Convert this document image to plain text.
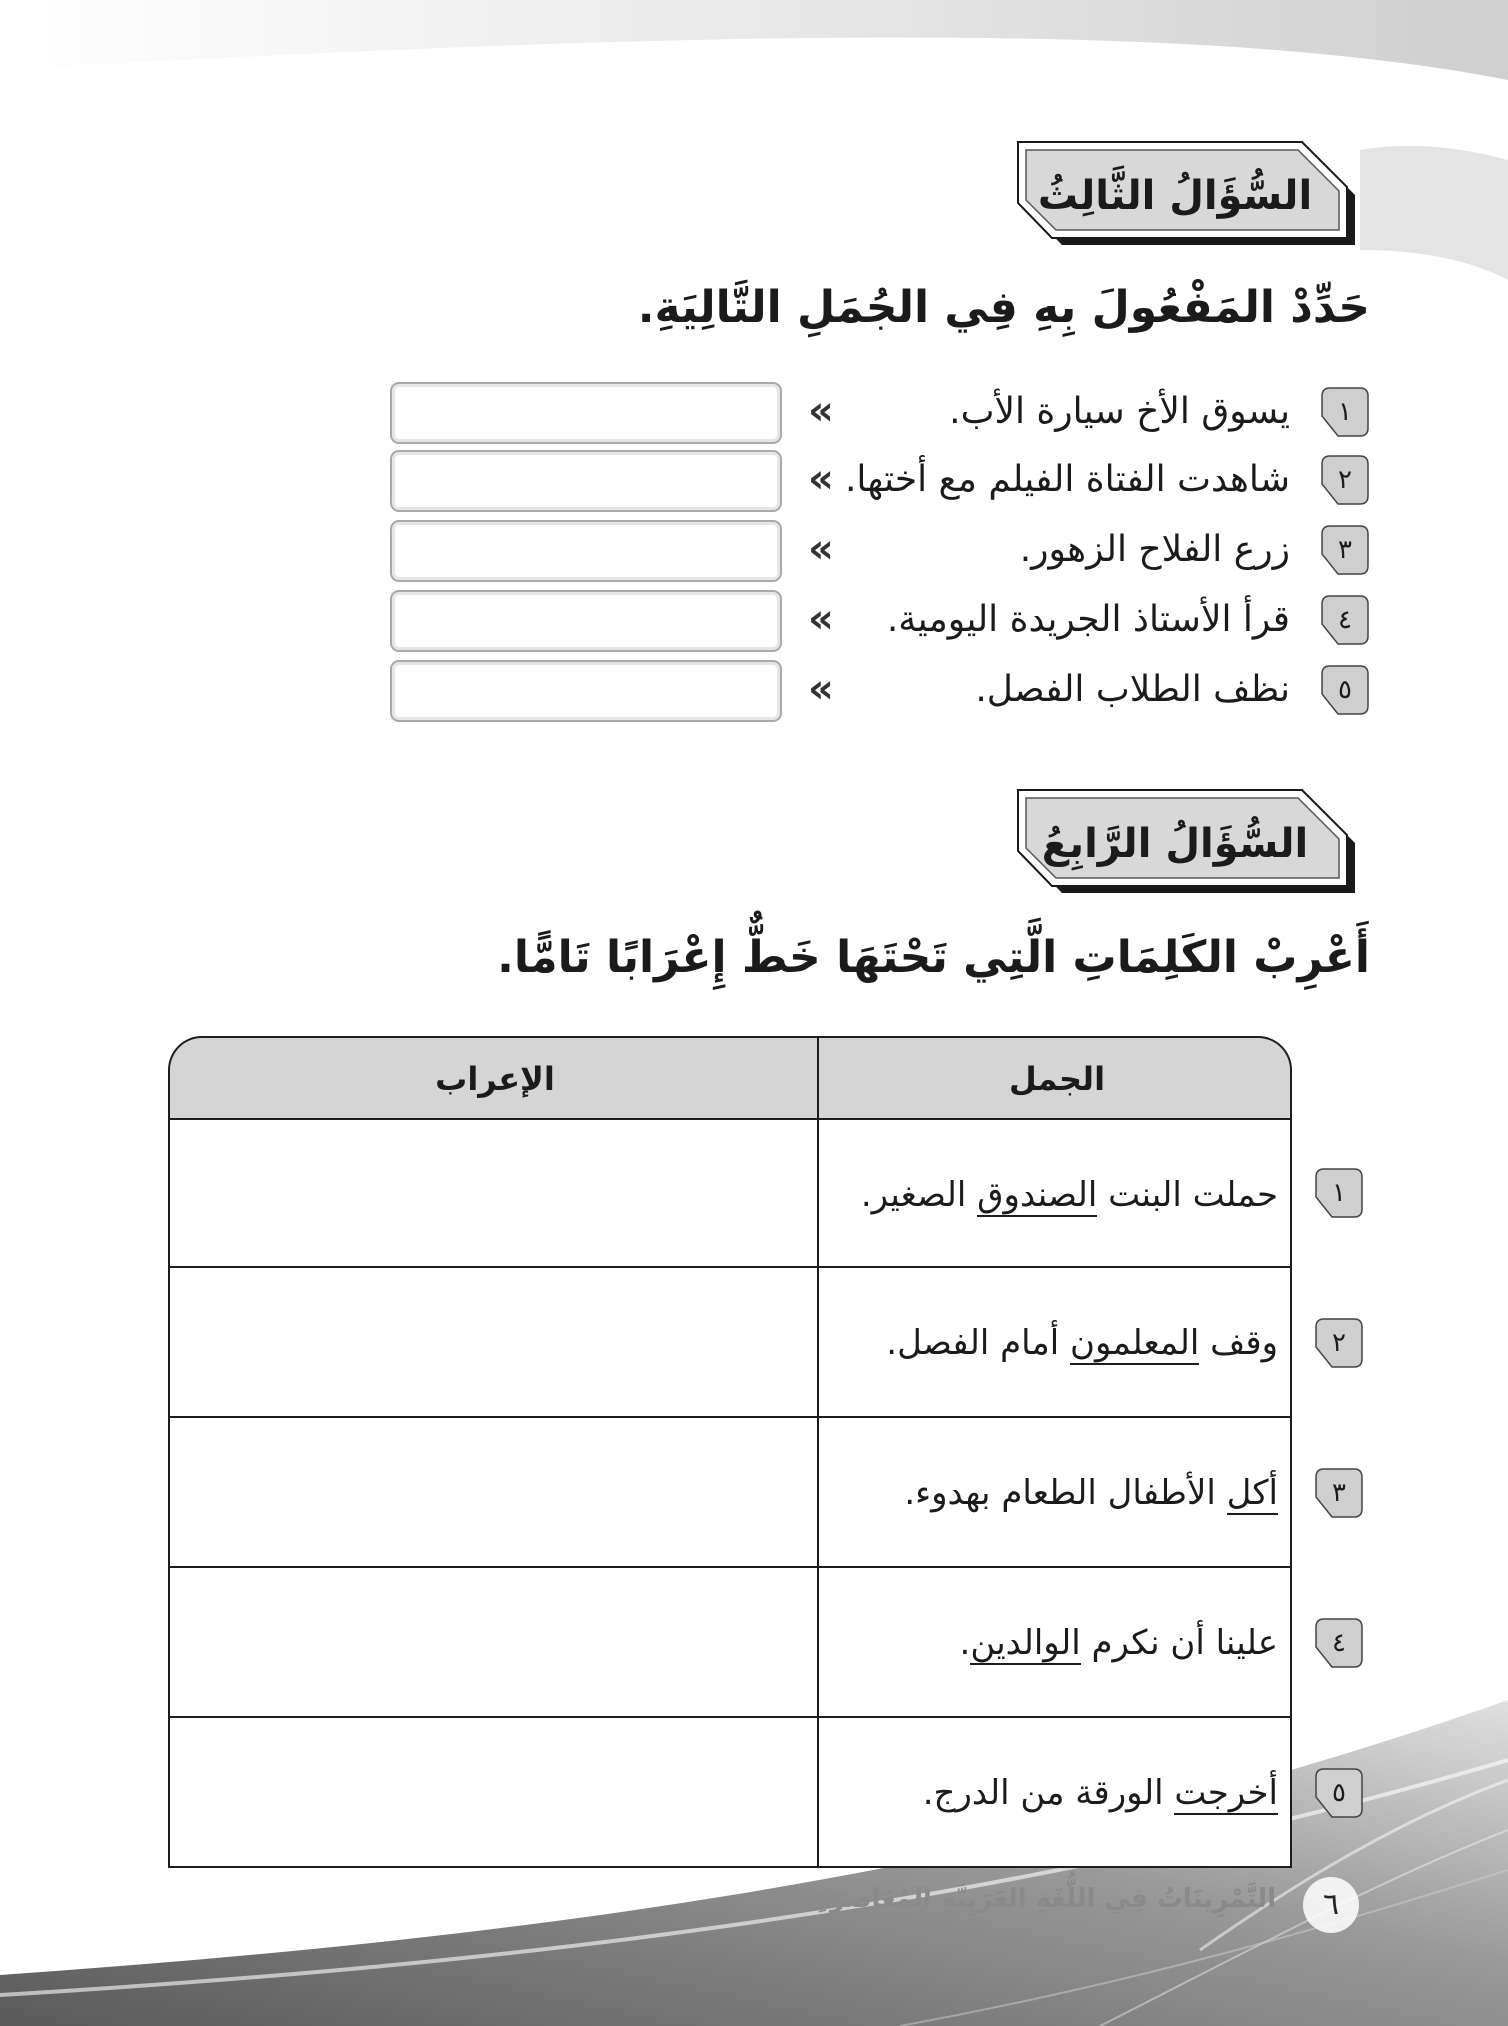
السُّؤَالُ الثَّالِثُ
حَدِّدْ المَفْعُولَ بِهِ فِي الجُمَلِ التَّالِيَةِ.
١
يسوق الأخ سيارة الأب.
«
٢
شاهدت الفتاة الفيلم مع أختها.
«
٣
زرع الفلاح الزهور.
«
٤
قرأ الأستاذ الجريدة اليومية.
«
٥
نظف الطلاب الفصل.
«
السُّؤَالُ الرَّابِعُ
أَعْرِبْ الكَلِمَاتِ الَّتِي تَحْتَهَا خَطٌّ إِعْرَابًا تَامًّا.
الإعراب	الجمل
حملت البنت الصندوق الصغير.
وقف المعلمون أمام الفصل.
أكل الأطفال الطعام بهدوء.
علينا أن نكرم الوالدين.
أخرجت الورقة من الدرج.
١
٢
٣
٤
٥
٦
التَّمْرِينَاتُ فِي اللُّغَةِ العَرَبِيَّةِ المُعَاصِرَةِ
